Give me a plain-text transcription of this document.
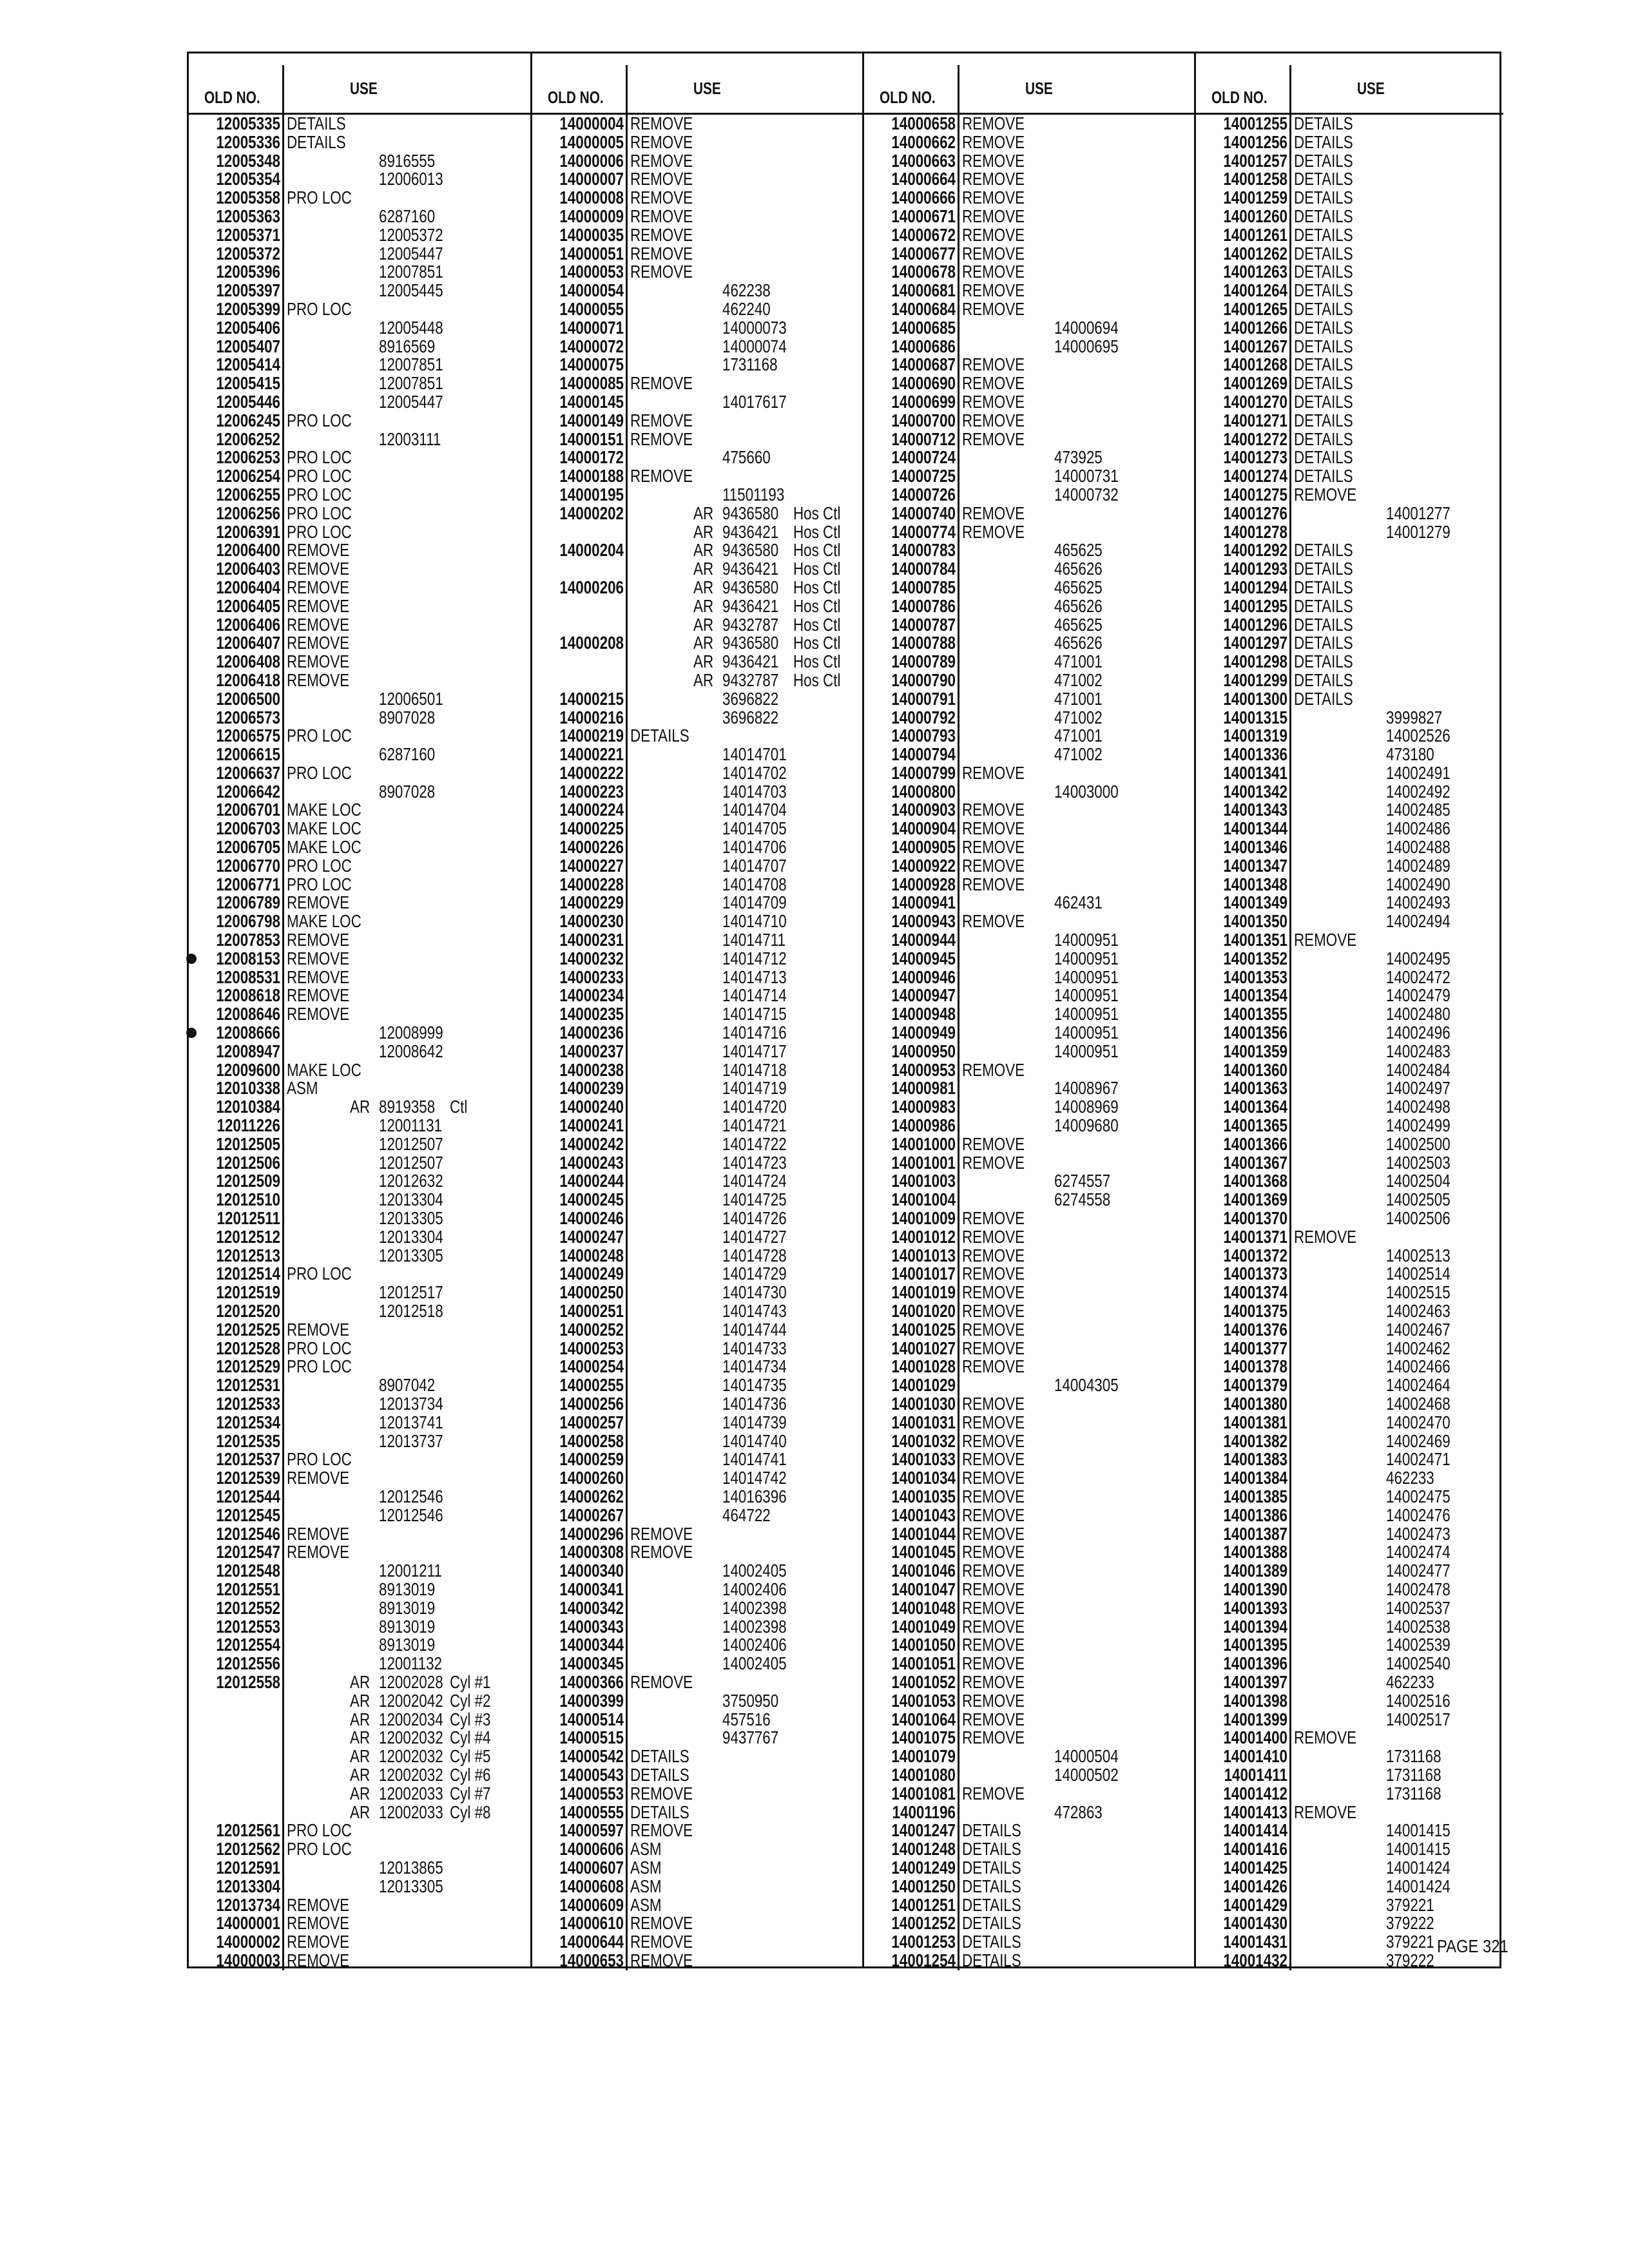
OLD NO.	USE
12005335 DETAILS
12005336 DETAILS
12005348	8916555
12005354	12006013
12005358 PRO LOC
12005363	6287160
12005371	12005372
12005372	12005447
12005396	12007851
12005397	12005445
12005399 PRO LOC
12005406	12005448
12005407	8916569
12005414	12007851
12005415	12007851
12005446	12005447
12006245 PRO LOC
12006252	12003111
12006253 PRO LOC
12006254 PRO LOC
12006255 PRO LOC
12006256 PRO LOC
12006391 PRO LOC
12006400 REMOVE
12006403 REMOVE
12006404 REMOVE
12006405 REMOVE
12006406 REMOVE
12006407 REMOVE
12006408 REMOVE
12006418 REMOVE
12006500	12006501
12006573	8907028
12006575 PRO LOC
12006615	6287160
12006637 PRO LOC
12006642	8907028
12006701 MAKE LOC
12006703 MAKE LOC
12006705 MAKE LOC
12006770 PRO LOC
12006771 PRO LOC
12006789 REMOVE
12006798 MAKE LOC
12007853 REMOVE
12008153 REMOVE
12008531 REMOVE
12008618 REMOVE
12008646 REMOVE
12008666	12008999
12008947	12008642
12009600 MAKE LOC
12010338 ASM
12010384	AR 8919358 Ctl
12011226	12001131
12012505	12012507
12012506	12012507
12012509	12012632
12012510	12013304
12012511	12013305
12012512	12013304
12012513	12013305
12012514 PRO LOC
12012519	12012517
12012520	12012518
12012525 REMOVE
12012528 PRO LOC
12012529 PRO LOC
12012531	8907042
12012533	12013734
12012534	12013741
12012535	12013737
12012537 PRO LOC
12012539 REMOVE
12012544	12012546
12012545	12012546
12012546 REMOVE
12012547 REMOVE
12012548	12001211
12012551	8913019
12012552	8913019
12012553	8913019
12012554	8913019
12012556	12001132
12012558	AR 12002028 Cyl #1
AR 12002042 Cyl #2
AR 12002034 Cyl #3
AR 12002032 Cyl #4
AR 12002032 Cyl #5
AR 12002032 Cyl #6
AR 12002033 Cyl #7
AR 12002033 Cyl #8
12012561 PRO LOC
12012562 PRO LOC
12012591	12013865
12013304	12013305
12013734 REMOVE
14000001 REMOVE
14000002 REMOVE
14000003 REMOVE
OLD NO.	USE
14000004 REMOVE
14000005 REMOVE
14000006 REMOVE
14000007 REMOVE
14000008 REMOVE
14000009 REMOVE
14000035 REMOVE
14000051 REMOVE
14000053 REMOVE
14000054	462238
14000055	462240
14000071	14000073
14000072	14000074
14000075	1731168
14000085 REMOVE
14000145	14017617
14000149 REMOVE
14000151 REMOVE
14000172	475660
14000188 REMOVE
14000195	11501193
14000202	AR 9436580 Hos Ctl
AR 9436421 Hos Ctl
14000204	AR 9436580 Hos Ctl
AR 9436421 Hos Ctl
14000206	AR 9436580 Hos Ctl
AR 9436421 Hos Ctl
AR 9432787 Hos Ctl
14000208	AR 9436580 Hos Ctl
AR 9436421 Hos Ctl
AR 9432787 Hos Ctl
14000215	3696822
14000216	3696822
14000219 DETAILS
14000221	14014701
14000222	14014702
14000223	14014703
14000224	14014704
14000225	14014705
14000226	14014706
14000227	14014707
14000228	14014708
14000229	14014709
14000230	14014710
14000231	14014711
14000232	14014712
14000233	14014713
14000234	14014714
14000235	14014715
14000236	14014716
14000237	14014717
14000238	14014718
14000239	14014719
14000240	14014720
14000241	14014721
14000242	14014722
14000243	14014723
14000244	14014724
14000245	14014725
14000246	14014726
14000247	14014727
14000248	14014728
14000249	14014729
14000250	14014730
14000251	14014743
14000252	14014744
14000253	14014733
14000254	14014734
14000255	14014735
14000256	14014736
14000257	14014739
14000258	14014740
14000259	14014741
14000260	14014742
14000262	14016396
14000267	464722
14000296 REMOVE
14000308 REMOVE
14000340	14002405
14000341	14002406
14000342	14002398
14000343	14002398
14000344	14002406
14000345	14002405
14000366 REMOVE
14000399	3750950
14000514	457516
14000515	9437767
14000542 DETAILS
14000543 DETAILS
14000553 REMOVE
14000555 DETAILS
14000597 REMOVE
14000606 ASM
14000607 ASM
14000608 ASM
14000609 ASM
14000610 REMOVE
14000644 REMOVE
14000653 REMOVE
OLD NO.	USE
14000658 REMOVE
14000662 REMOVE
14000663 REMOVE
14000664 REMOVE
14000666 REMOVE
14000671 REMOVE
14000672 REMOVE
14000677 REMOVE
14000678 REMOVE
14000681 REMOVE
14000684 REMOVE
14000685	14000694
14000686	14000695
14000687 REMOVE
14000690 REMOVE
14000699 REMOVE
14000700 REMOVE
14000712 REMOVE
14000724	473925
14000725	14000731
14000726	14000732
14000740 REMOVE
14000774 REMOVE
14000783	465625
14000784	465626
14000785	465625
14000786	465626
14000787	465625
14000788	465626
14000789	471001
14000790	471002
14000791	471001
14000792	471002
14000793	471001
14000794	471002
14000799 REMOVE
14000800	14003000
14000903 REMOVE
14000904 REMOVE
14000905 REMOVE
14000922 REMOVE
14000928 REMOVE
14000941	462431
14000943 REMOVE
14000944	14000951
14000945	14000951
14000946	14000951
14000947	14000951
14000948	14000951
14000949	14000951
14000950	14000951
14000953 REMOVE
14000981	14008967
14000983	14008969
14000986	14009680
14001000 REMOVE
14001001 REMOVE
14001003	6274557
14001004	6274558
14001009 REMOVE
14001012 REMOVE
14001013 REMOVE
14001017 REMOVE
14001019 REMOVE
14001020 REMOVE
14001025 REMOVE
14001027 REMOVE
14001028 REMOVE
14001029	14004305
14001030 REMOVE
14001031 REMOVE
14001032 REMOVE
14001033 REMOVE
14001034 REMOVE
14001035 REMOVE
14001043 REMOVE
14001044 REMOVE
14001045 REMOVE
14001046 REMOVE
14001047 REMOVE
14001048 REMOVE
14001049 REMOVE
14001050 REMOVE
14001051 REMOVE
14001052 REMOVE
14001053 REMOVE
14001064 REMOVE
14001075 REMOVE
14001079	14000504
14001080	14000502
14001081 REMOVE
14001196	472863
14001247 DETAILS
14001248 DETAILS
14001249 DETAILS
14001250 DETAILS
14001251 DETAILS
14001252 DETAILS
14001253 DETAILS
14001254 DETAILS
OLD NO.	USE
14001255 DETAILS
14001256 DETAILS
14001257 DETAILS
14001258 DETAILS
14001259 DETAILS
14001260 DETAILS
14001261 DETAILS
14001262 DETAILS
14001263 DETAILS
14001264 DETAILS
14001265 DETAILS
14001266 DETAILS
14001267 DETAILS
14001268 DETAILS
14001269 DETAILS
14001270 DETAILS
14001271 DETAILS
14001272 DETAILS
14001273 DETAILS
14001274 DETAILS
14001275 REMOVE
14001276	14001277
14001278	14001279
14001292 DETAILS
14001293 DETAILS
14001294 DETAILS
14001295 DETAILS
14001296 DETAILS
14001297 DETAILS
14001298 DETAILS
14001299 DETAILS
14001300 DETAILS
14001315	3999827
14001319	14002526
14001336	473180
14001341	14002491
14001342	14002492
14001343	14002485
14001344	14002486
14001346	14002488
14001347	14002489
14001348	14002490
14001349	14002493
14001350	14002494
14001351 REMOVE
14001352	14002495
14001353	14002472
14001354	14002479
14001355	14002480
14001356	14002496
14001359	14002483
14001360	14002484
14001363	14002497
14001364	14002498
14001365	14002499
14001366	14002500
14001367	14002503
14001368	14002504
14001369	14002505
14001370	14002506
14001371 REMOVE
14001372	14002513
14001373	14002514
14001374	14002515
14001375	14002463
14001376	14002467
14001377	14002462
14001378	14002466
14001379	14002464
14001380	14002468
14001381	14002470
14001382	14002469
14001383	14002471
14001384	462233
14001385	14002475
14001386	14002476
14001387	14002473
14001388	14002474
14001389	14002477
14001390	14002478
14001393	14002537
14001394	14002538
14001395	14002539
14001396	14002540
14001397	462233
14001398	14002516
14001399	14002517
14001400 REMOVE
14001410	1731168
14001411	1731168
14001412	1731168
14001413 REMOVE
14001414	14001415
14001416	14001415
14001425	14001424
14001426	14001424
14001429	379221
14001430	379222
14001431	379221
14001432	379222
PAGE 321
